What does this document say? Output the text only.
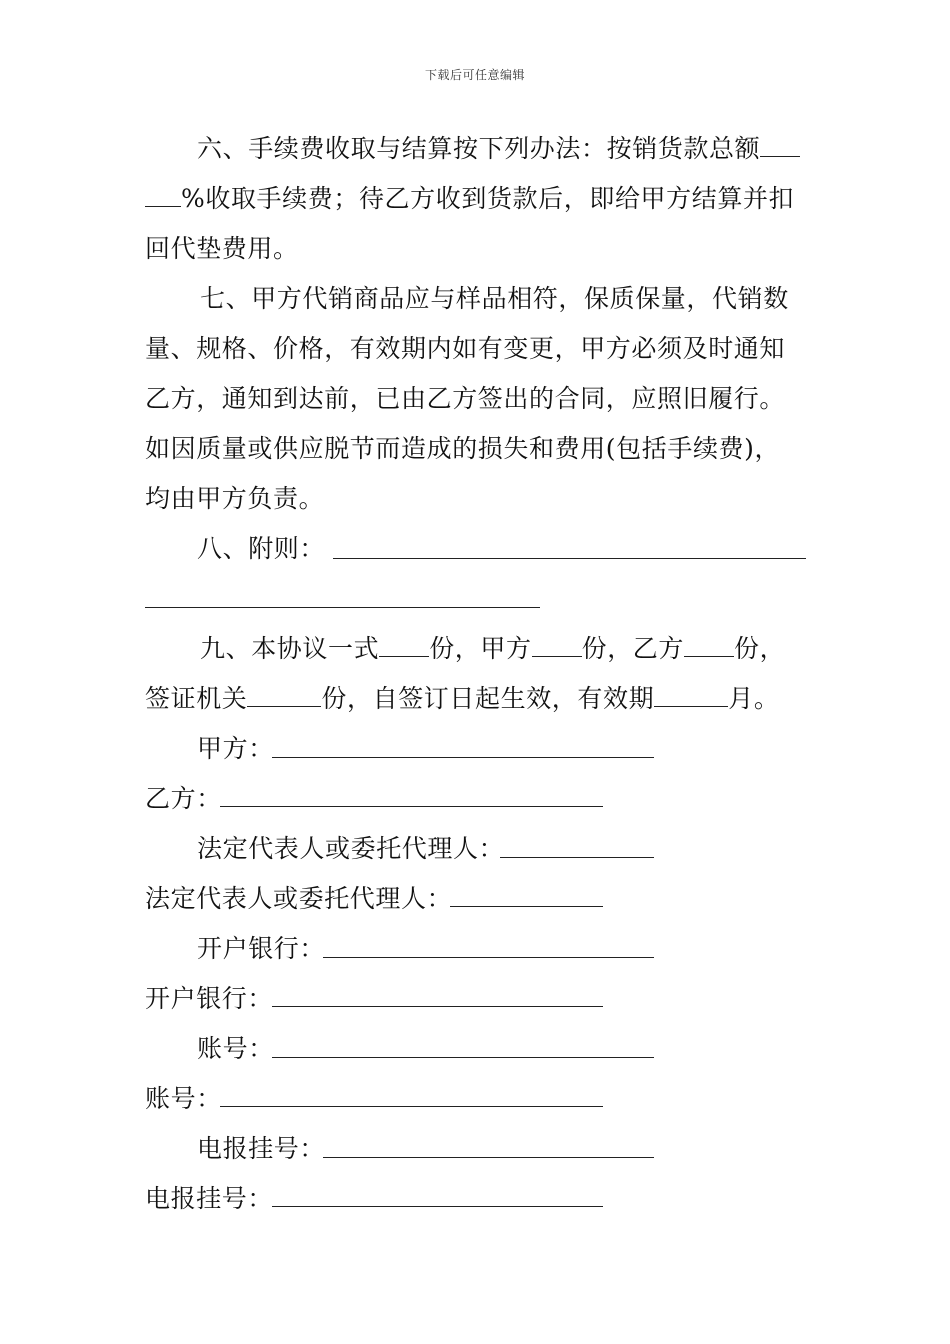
下载后可任意编辑
六、手续费收取与结算按下列办法：按销货款总额
%收取手续费；待乙方收到货款后，即给甲方结算并扣
回代垫费用。
七、甲方代销商品应与样品相符，保质保量，代销数
量、规格、价格，有效期内如有变更，甲方必须及时通知
乙方，通知到达前，已由乙方签出的合同，应照旧履行。
如因质量或供应脱节而造成的损失和费用(包括手续费)，
均由甲方负责。
八、附则：
九、本协议一式 份，甲方 份，乙方 份，
签证机关	份，自签订日起生效，有效期	月。
甲方：
乙方：
法定代表人或委托代理人：
法定代表人或委托代理人：
开户银行：
开户银行：
账号：
账号：
电报挂号：
电报挂号：
